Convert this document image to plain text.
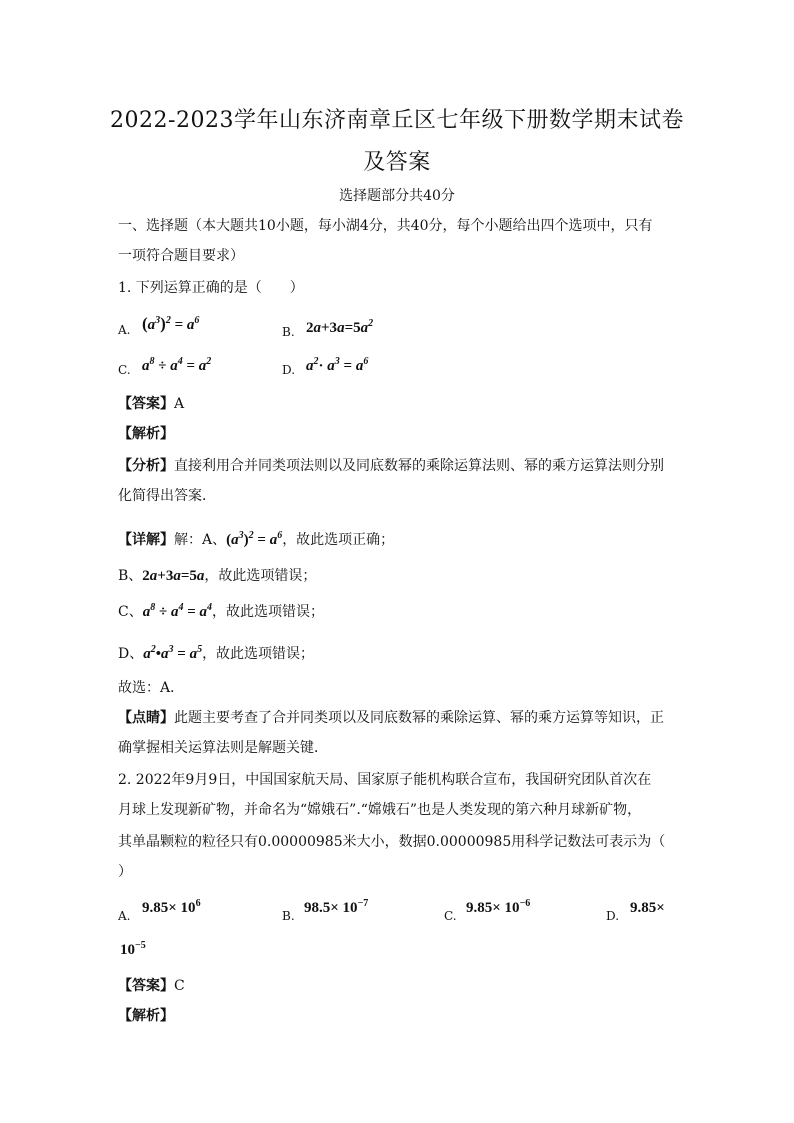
2022-2023学年山东济南章丘区七年级下册数学期末试卷及答案
选择题部分共40分
一、选择题（本大题共10小题，每小湖4分，共40分，每个小题给出四个选项中，只有
一项符合题目要求）
1. 下列运算正确的是（　　）
A. $(a^3)^2 = a^6$
B. $2a+3a=5a^2$
C. $a^8 \div a^4 = a^2$
D. $a^2\cdot a^3 = a^6$
【答案】A
【解析】
【分析】直接利用合并同类项法则以及同底数幂的乘除运算法则、幂的乘方运算法则分别
化简得出答案．
【详解】解：A、$(a^3)^2 = a^6$，故此选项正确；
B、2a+3a=5a，故此选项错误；
C、$a^8 \div a^4 = a^4$，故此选项错误；
D、$a^2•a^3 = a^5$，故此选项错误；
故选：A．
【点睛】此题主要考查了合并同类项以及同底数幂的乘除运算、幂的乘方运算等知识，正
确掌握相关运算法则是解题关键．
2. 2022年9月9日，中国国家航天局、国家原子能机构联合宣布，我国研究团队首次在
月球上发现新矿物，并命名为“嫦娥石”.“嫦娥石”也是人类发现的第六种月球新矿物，
其单晶颗粒的粒径只有0.00000985米大小，数据0.00000985用科学记数法可表示为（
）
A. $9.85\times 10^6$
B. $98.5\times 10^{-7}$
C. $9.85\times 10^{-6}$
D. 9.85×
$10^{-5}$
【答案】C
【解析】
